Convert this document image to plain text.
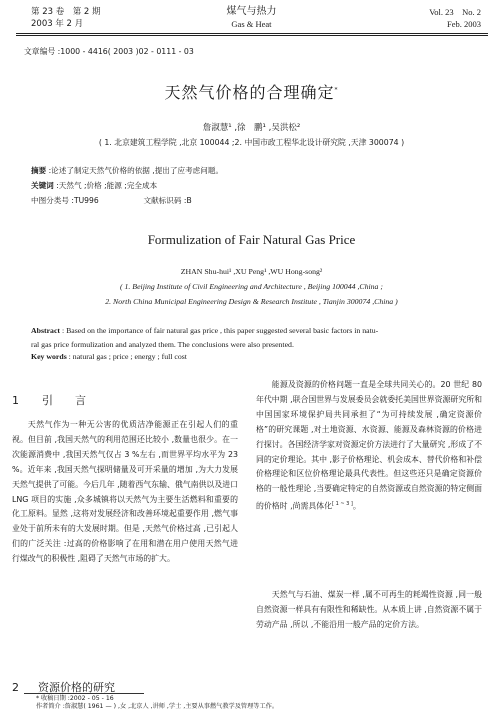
第 23 卷　第 2 期
2003 年 2 月
煤气与热力
Gas & Heat
Vol. 23　No. 2
Feb. 2003
文章编号 :1000 - 4416( 2003 )02 - 0111 - 03
天然气价格的合理确定*
詹淑慧¹ ,徐　鹏¹ ,吴洪松²
( 1. 北京建筑工程学院 ,北京 100044 ;2. 中国市政工程华北设计研究院 ,天津 300074 )
摘要 :论述了制定天然气价格的依据 ,提出了应考虑问题。
关键词 :天然气 ;价格 ;能源 ;完全成本
中图分类号 :TU996	文献标识码 :B
Formulization of Fair Natural Gas Price
ZHAN Shu-hui¹ ,XU Peng¹ ,WU Hong-song²
( 1. Beijing Institute of Civil Engineering and Architecture , Beijing 100044 ,China ;
2. North China Municipal Engineering Design & Research Institute , Tianjin 300074 ,China )
Abstract : Based on the importance of fair natural gas price , this paper suggested several basic factors in natu-
ral gas price formulization and analyzed them. The conclusions were also presented.
Key words : natural gas ; price ; energy ; full cost
1 引　　言
天然气作为一种无公害的优质洁净能源正在引起人们的重视。但目前 ,我国天然气的利用范围还比较小 ,数量也很少。在一次能源消费中 ,我国天然气仅占 3 %左右 ,而世界平均水平为 23 %。近年来 ,我国天然气探明储量及可开采量的增加 ,为大力发展天然气提供了可能。今后几年 ,随着西气东输、俄气南供以及进口 LNG 项目的实施 ,众多城镇将以天然气为主要生活燃料和重要的化工原料。显然 ,这将对发展经济和改善环境起重要作用 ,燃气事业处于前所未有的大发展时期。但是 ,天然气价格过高 ,已引起人们的广泛关注 :过高的价格影响了在用和潜在用户使用天然气进行煤改气的积极性 ,阻碍了天然气市场的扩大。
2 资源价格的研究
能源及资源的价格问题一直是全球共同关心的。20 世纪 80 年代中期 ,联合国世界与发展委员会就委托美国世界资源研究所和中国国家环境保护局共同承担了“为可持续发展 ,确定资源价格”的研究课题 ,对土地资源、水资源、能源及森林资源的价格进行探讨。各国经济学家对资源定价方法进行了大量研究 ,形成了不同的定价理论。其中 ,影子价格理论、机会成本、替代价格和补偿价格理论和区位价格理论最具代表性。但这些还只是确定资源价格的一般性理论 ,当要确定特定的自然资源或自然资源的特定侧面的价格时 ,尚需具体化[ 1 ~ 3 ]。
天然气与石油、煤炭一样 ,属不可再生的耗竭性资源 ,同一般自然资源一样具有有限性和稀缺性。从本质上讲 ,自然资源不属于劳动产品 ,所以 ,不能沿用一般产品的定价方法。
* 收稿日期 :2002 - 05 - 16
作者简介 :詹淑慧( 1961 — ) ,女 ,北京人 ,讲师 ,学士 ,主要从事燃气教学及管理等工作。
